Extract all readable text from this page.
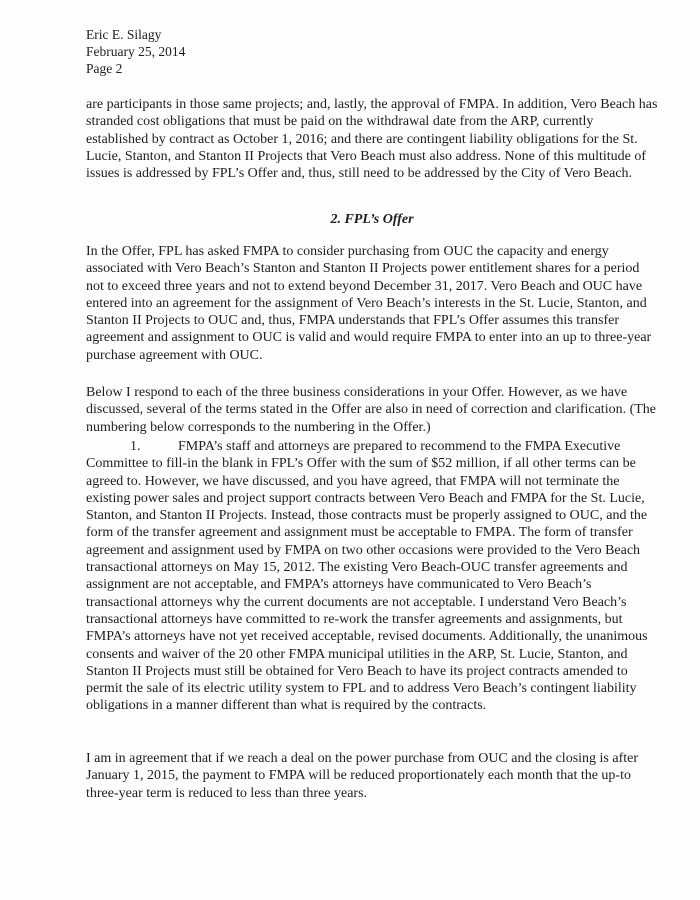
Eric E. Silagy
February 25, 2014
Page 2

are participants in those same projects; and, lastly, the approval of FMPA. In addition, Vero Beach has stranded cost obligations that must be paid on the withdrawal date from the ARP, currently established by contract as October 1, 2016; and there are contingent liability obligations for the St. Lucie, Stanton, and Stanton II Projects that Vero Beach must also address. None of this multitude of issues is addressed by FPL’s Offer and, thus, still need to be addressed by the City of Vero Beach.

2. FPL’s Offer

In the Offer, FPL has asked FMPA to consider purchasing from OUC the capacity and energy associated with Vero Beach’s Stanton and Stanton II Projects power entitlement shares for a period not to exceed three years and not to extend beyond December 31, 2017. Vero Beach and OUC have entered into an agreement for the assignment of Vero Beach’s interests in the St. Lucie, Stanton, and Stanton II Projects to OUC and, thus, FMPA understands that FPL’s Offer assumes this transfer agreement and assignment to OUC is valid and would require FMPA to enter into an up to three-year purchase agreement with OUC.

Below I respond to each of the three business considerations in your Offer. However, as we have discussed, several of the terms stated in the Offer are also in need of correction and clarification. (The numbering below corresponds to the numbering in the Offer.)

1.	FMPA’s staff and attorneys are prepared to recommend to the FMPA Executive Committee to fill-in the blank in FPL’s Offer with the sum of $52 million, if all other terms can be agreed to. However, we have discussed, and you have agreed, that FMPA will not terminate the existing power sales and project support contracts between Vero Beach and FMPA for the St. Lucie, Stanton, and Stanton II Projects. Instead, those contracts must be properly assigned to OUC, and the form of the transfer agreement and assignment must be acceptable to FMPA. The form of transfer agreement and assignment used by FMPA on two other occasions were provided to the Vero Beach transactional attorneys on May 15, 2012. The existing Vero Beach-OUC transfer agreements and assignment are not acceptable, and FMPA’s attorneys have communicated to Vero Beach’s transactional attorneys why the current documents are not acceptable. I understand Vero Beach’s transactional attorneys have committed to re-work the transfer agreements and assignments, but FMPA’s attorneys have not yet received acceptable, revised documents. Additionally, the unanimous consents and waiver of the 20 other FMPA municipal utilities in the ARP, St. Lucie, Stanton, and Stanton II Projects must still be obtained for Vero Beach to have its project contracts amended to permit the sale of its electric utility system to FPL and to address Vero Beach’s contingent liability obligations in a manner different than what is required by the contracts.

I am in agreement that if we reach a deal on the power purchase from OUC and the closing is after January 1, 2015, the payment to FMPA will be reduced proportionately each month that the up-to three-year term is reduced to less than three years.
